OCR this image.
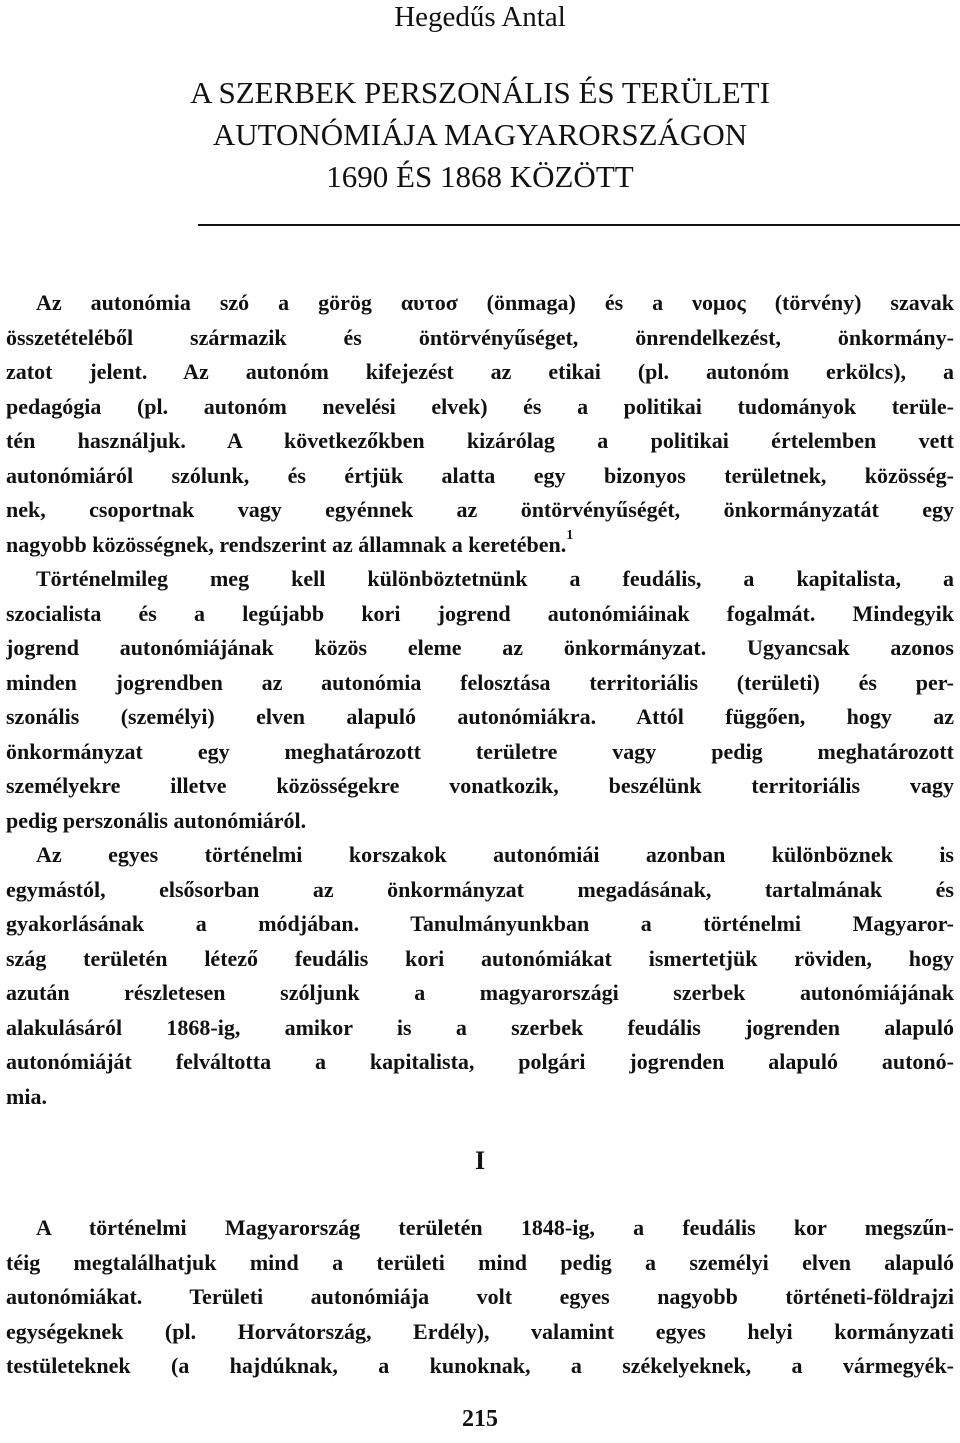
Hegedűs Antal
A SZERBEK PERSZONÁLIS ÉS TERÜLETI
AUTONÓMIÁJA MAGYARORSZÁGON
1690 ÉS 1868 KÖZÖTT
Az autonómia szó a görög αυτοσ (önmaga) és a νομος (törvény) szavak
összetételéből származik és öntörvényűséget, önrendelkezést, önkormány-
zatot jelent. Az autonóm kifejezést az etikai (pl. autonóm erkölcs), a
pedagógia (pl. autonóm nevelési elvek) és a politikai tudományok terüle-
tén használjuk. A következőkben kizárólag a politikai értelemben vett
autonómiáról szólunk, és értjük alatta egy bizonyos területnek, közösség-
nek, csoportnak vagy egyénnek az öntörvényűségét, önkormányzatát egy
nagyobb közösségnek, rendszerint az államnak a keretében.$^1$
Történelmileg meg kell különböztetnünk a feudális, a kapitalista, a
szocialista és a legújabb kori jogrend autonómiáinak fogalmát. Mindegyik
jogrend autonómiájának közös eleme az önkormányzat. Ugyancsak azonos
minden jogrendben az autonómia felosztása territoriális (területi) és per-
szonális (személyi) elven alapuló autonómiákra. Attól függően, hogy az
önkormányzat egy meghatározott területre vagy pedig meghatározott
személyekre illetve közösségekre vonatkozik, beszélünk territoriális vagy
pedig perszonális autonómiáról.
Az egyes történelmi korszakok autonómiái azonban különböznek is
egymástól, elsősorban az önkormányzat megadásának, tartalmának és
gyakorlásának a módjában. Tanulmányunkban a történelmi Magyaror-
szág területén létező feudális kori autonómiákat ismertetjük röviden, hogy
azután részletesen szóljunk a magyarországi szerbek autonómiájának
alakulásáról 1868-ig, amikor is a szerbek feudális jogrenden alapuló
autonómiáját felváltotta a kapitalista, polgári jogrenden alapuló autonó-
mia.
I
A történelmi Magyarország területén 1848-ig, a feudális kor megszűn-
téig megtalálhatjuk mind a területi mind pedig a személyi elven alapuló
autonómiákat. Területi autonómiája volt egyes nagyobb történeti-földrajzi
egységeknek (pl. Horvátország, Erdély), valamint egyes helyi kormányzati
testületeknek (a hajdúknak, a kunoknak, a székelyeknek, a vármegyék-
215
